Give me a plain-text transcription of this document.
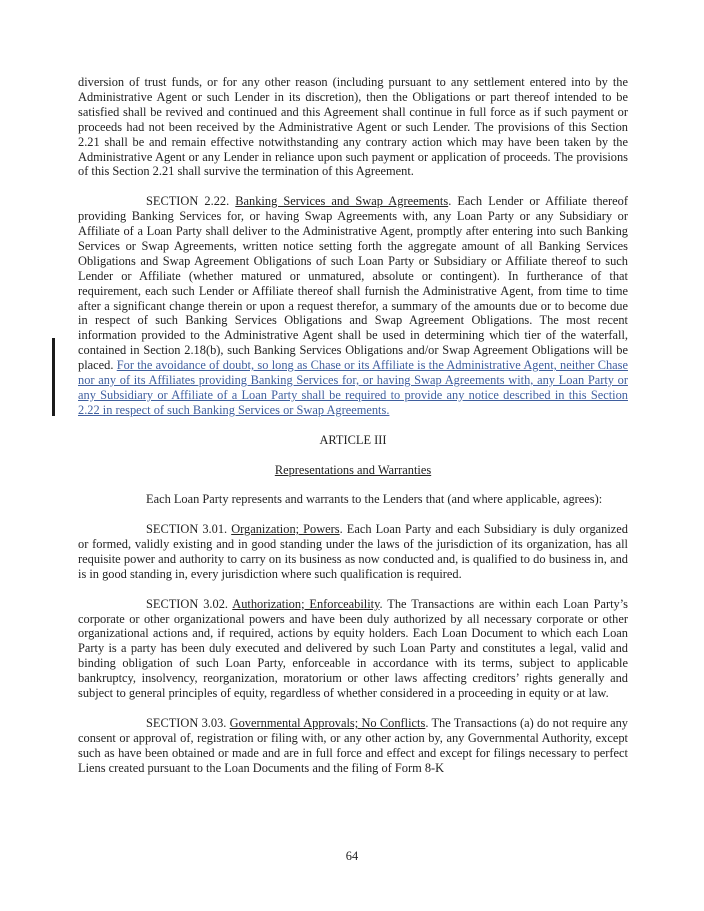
diversion of trust funds, or for any other reason (including pursuant to any settlement entered into by the Administrative Agent or such Lender in its discretion), then the Obligations or part thereof intended to be satisfied shall be revived and continued and this Agreement shall continue in full force as if such payment or proceeds had not been received by the Administrative Agent or such Lender. The provisions of this Section 2.21 shall be and remain effective notwithstanding any contrary action which may have been taken by the Administrative Agent or any Lender in reliance upon such payment or application of proceeds. The provisions of this Section 2.21 shall survive the termination of this Agreement.

SECTION 2.22. Banking Services and Swap Agreements. Each Lender or Affiliate thereof providing Banking Services for, or having Swap Agreements with, any Loan Party or any Subsidiary or Affiliate of a Loan Party shall deliver to the Administrative Agent, promptly after entering into such Banking Services or Swap Agreements, written notice setting forth the aggregate amount of all Banking Services Obligations and Swap Agreement Obligations of such Loan Party or Subsidiary or Affiliate thereof to such Lender or Affiliate (whether matured or unmatured, absolute or contingent). In furtherance of that requirement, each such Lender or Affiliate thereof shall furnish the Administrative Agent, from time to time after a significant change therein or upon a request therefor, a summary of the amounts due or to become due in respect of such Banking Services Obligations and Swap Agreement Obligations. The most recent information provided to the Administrative Agent shall be used in determining which tier of the waterfall, contained in Section 2.18(b), such Banking Services Obligations and/or Swap Agreement Obligations will be placed. For the avoidance of doubt, so long as Chase or its Affiliate is the Administrative Agent, neither Chase nor any of its Affiliates providing Banking Services for, or having Swap Agreements with, any Loan Party or any Subsidiary or Affiliate of a Loan Party shall be required to provide any notice described in this Section 2.22 in respect of such Banking Services or Swap Agreements.

ARTICLE III
Representations and Warranties

Each Loan Party represents and warrants to the Lenders that (and where applicable, agrees):

SECTION 3.01. Organization; Powers. Each Loan Party and each Subsidiary is duly organized or formed, validly existing and in good standing under the laws of the jurisdiction of its organization, has all requisite power and authority to carry on its business as now conducted and, is qualified to do business in, and is in good standing in, every jurisdiction where such qualification is required.

SECTION 3.02. Authorization; Enforceability. The Transactions are within each Loan Party’s corporate or other organizational powers and have been duly authorized by all necessary corporate or other organizational actions and, if required, actions by equity holders. Each Loan Document to which each Loan Party is a party has been duly executed and delivered by such Loan Party and constitutes a legal, valid and binding obligation of such Loan Party, enforceable in accordance with its terms, subject to applicable bankruptcy, insolvency, reorganization, moratorium or other laws affecting creditors’ rights generally and subject to general principles of equity, regardless of whether considered in a proceeding in equity or at law.

SECTION 3.03. Governmental Approvals; No Conflicts. The Transactions (a) do not require any consent or approval of, registration or filing with, or any other action by, any Governmental Authority, except such as have been obtained or made and are in full force and effect and except for filings necessary to perfect Liens created pursuant to the Loan Documents and the filing of Form 8-K

64
